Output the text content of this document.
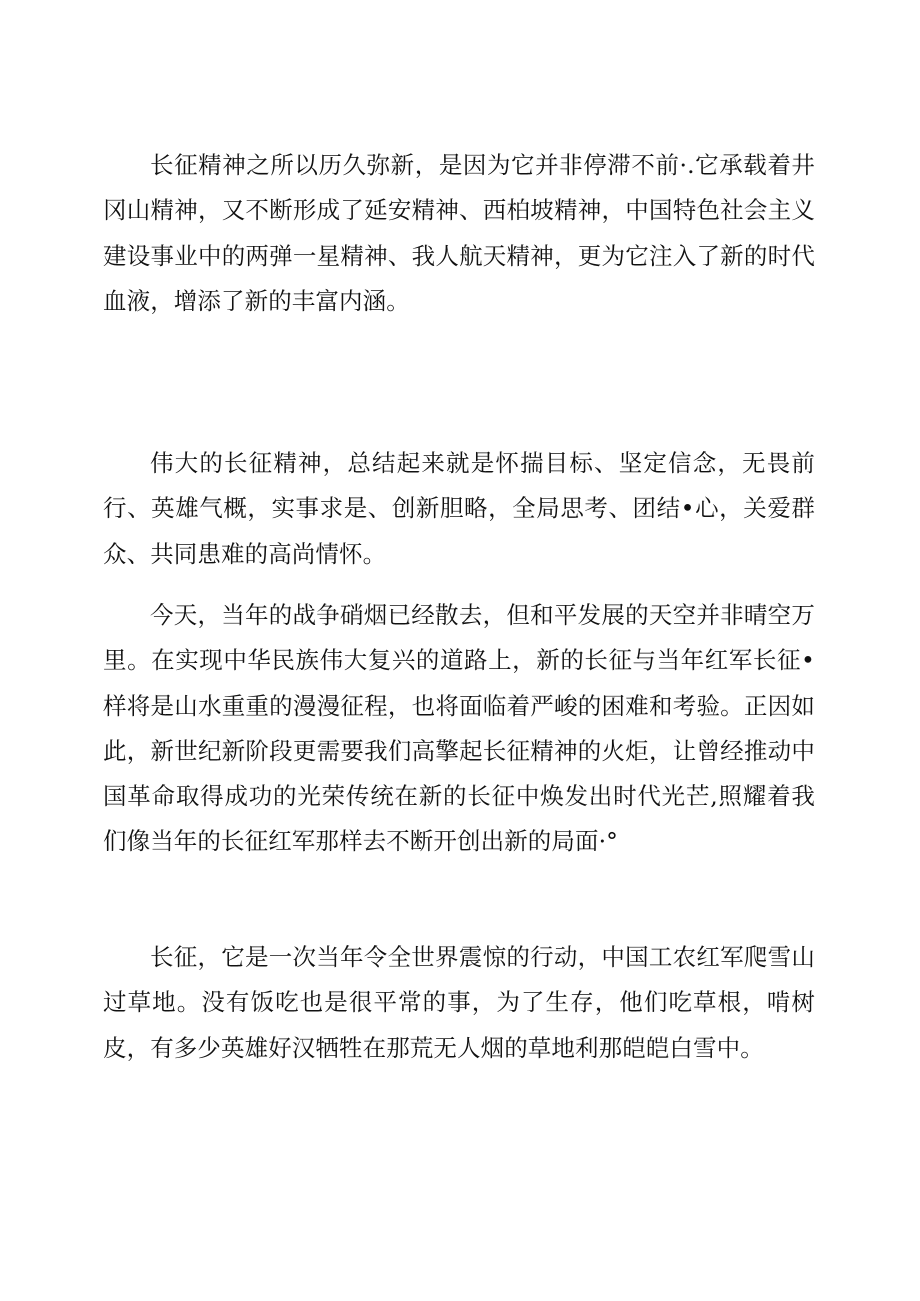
长征精神之所以历久弥新，是因为它并非停滞不前·.它承载着井冈山精神，又不断形成了延安精神、西柏坡精神，中国特色社会主义建设事业中的两弹一星精神、我人航天精神，更为它注入了新的时代血液，增添了新的丰富内涵。

伟大的长征精神，总结起来就是怀揣目标、坚定信念，无畏前行、英雄气概，实事求是、创新胆略，全局思考、团结•心，关爱群众、共同患难的高尚情怀。

今天，当年的战争硝烟已经散去，但和平发展的天空并非晴空万里。在实现中华民族伟大复兴的道路上，新的长征与当年红军长征•样将是山水重重的漫漫征程，也将面临着严峻的困难和考验。正因如此，新世纪新阶段更需要我们高擎起长征精神的火炬，让曾经推动中国革命取得成功的光荣传统在新的长征中焕发出时代光芒,照耀着我们像当年的长征红军那样去不断开创出新的局面·°

长征，它是一次当年令全世界震惊的行动，中国工农红军爬雪山过草地。没有饭吃也是很平常的事，为了生存，他们吃草根，啃树皮，有多少英雄好汉牺牲在那荒无人烟的草地利那皑皑白雪中。
